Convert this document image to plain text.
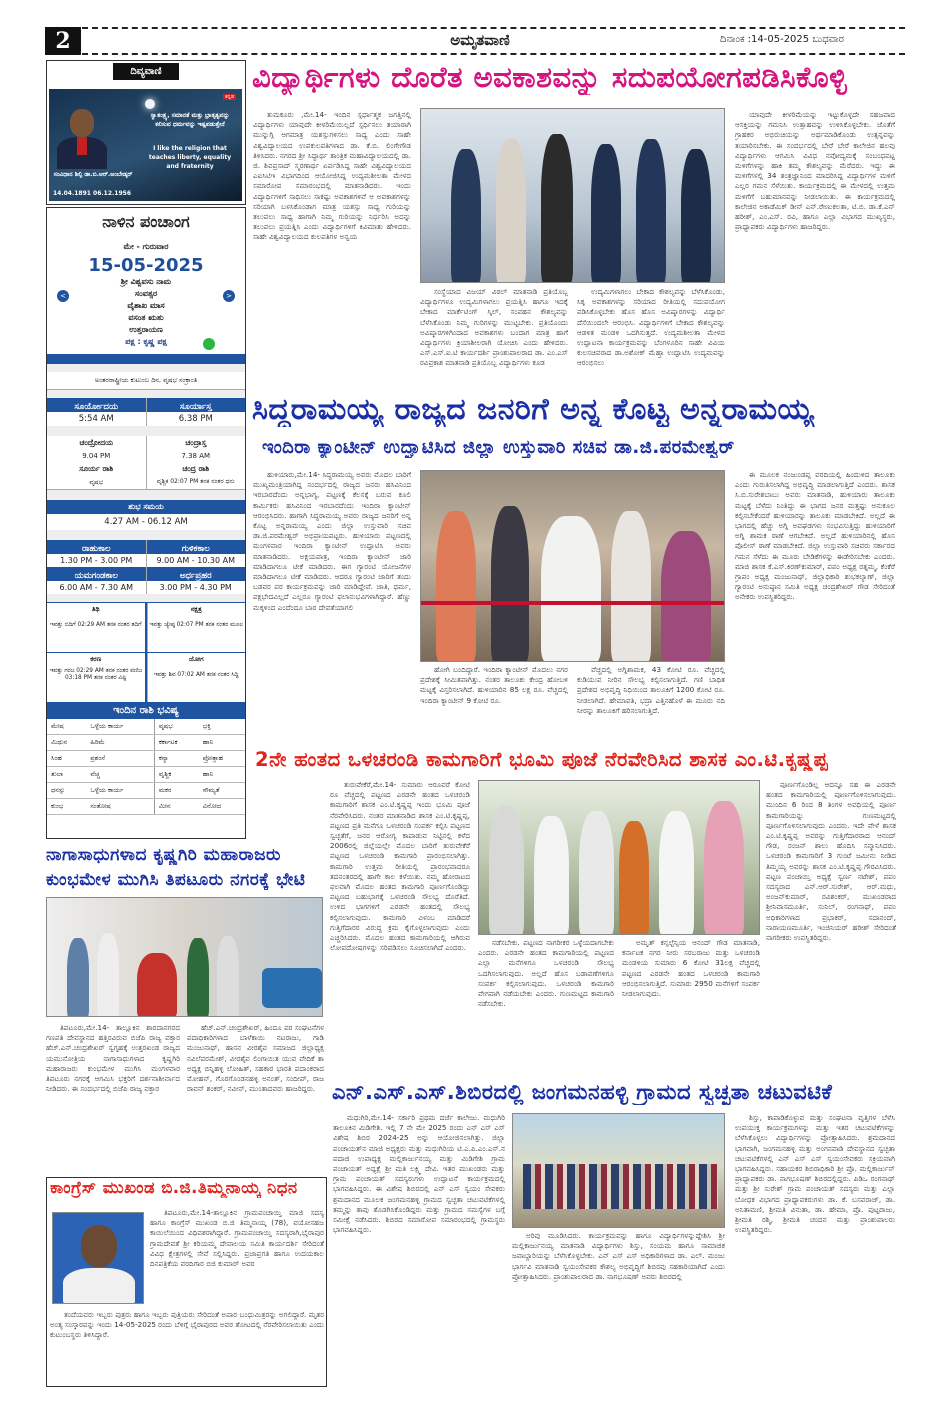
2	ಅಮೃತವಾಣಿ	ದಿನಾಂಕ :14-05-2025 ಬುಧವಾರ
ದಿವ್ಯವಾಣಿ
ಕನ್ನಡ
ಸ್ವಾತಂತ್ರ್ಯ, ಸಮಾನತೆ ಮತ್ತು ಭ್ರಾತೃತ್ವವನ್ನು ಕಲಿಸುವ ಧರ್ಮವನ್ನು ಇಷ್ಟಪಡುತ್ತೇನೆ
I like the religion that teaches liberty, equality and fraternity
ಸಂವಿಧಾನ ಶಿಲ್ಪಿ ಡಾ.ಬಿ.ಆರ್.ಅಂಬೇಡ್ಕರ್
14.04.1891 06.12.1956
ನಾಳಿನ ಪಂಚಾಂಗ
ಮೇ - ಗುರುವಾರ
15-05-2025
<	>
ಶ್ರೀ ವಿಶ್ವವಸು ನಾಮ
ಸಂವತ್ಸರ
ವೈಶಾಖ ಮಾಸ
ವಸಂತ ಋತು
ಉತ್ತರಾಯಣ
ಪಕ್ಷ : ಕೃಷ್ಣ ಪಕ್ಷ
ಅಂತರರಾಷ್ಟ್ರೀಯ ಕುಟುಂಬ ದಿನ, ವೃಷಭ ಸಂಕ್ರಾಂತಿ
ಸೂರ್ಯೋದಯ	ಸೂರ್ಯಾಸ್ತ
5:54 AM	6.38 PM
ಚಂದ್ರೋದಯ	ಚಂದ್ರಾಸ್ತ
9.04 PM	7.38 AM
ಸೂರ್ಯ ರಾಶಿ	ಚಂದ್ರ ರಾಶಿ
ವೃಷಭ	ವೃಶ್ಚಿಕ 02:07 PM ತನಕ ನಂತರ ಧನು
ಶುಭ ಸಮಯ
4.27 AM - 06.12 AM
ರಾಹುಕಾಲ	ಗುಳಿಕಕಾಲ
1.30 PM - 3.00 PM	9.00 AM - 10.30 AM
ಯಮಗಂಡಕಾಲ	ಅರ್ಧಪ್ರಹರ
6.00 AM - 7.30 AM	3.00 PM - 4.30 PM
ತಿಥಿ
ಇವತ್ತು ಬಿದಿಗೆ 02:29 AM ತನಕ ನಂತರ ತದಿಗೆ
ನಕ್ಷತ್ರ
ಇವತ್ತು ಜ್ಯೇಷ್ಠ 02:07 PM ತನಕ ನಂತರ ಮೂಲ
ಕರಣ
ಇವತ್ತು ಗರಜ 02:29 AM ತನಕ ನಂತರ ವಣಿಜ 03:18 PM ತನಕ ನಂತರ ವಿಷ್ಟಿ
ಯೋಗ
ಇವತ್ತು ಶಿವ 07:02 AM ತನಕ ನಂತರ ಸಿದ್ಧಿ
ಇಂದಿನ ರಾಶಿ ಭವಿಷ್ಯ
ಮೇಷ	ಒಳ್ಳೆಯ ಕಾರ್ಯ	ವೃಷಭ	ಭಕ್ತಿ
ಮಿಥುನ	ಹಿರಿಮೆ	ಕರ್ಕಾಟಕ	ಹಾನಿ
ಸಿಂಹ	ಪ್ರಶಂಸೆ	ಕನ್ಯಾ	ಪ್ರೋತ್ಸಾಹ
ತುಲಾ	ವೆಚ್ಚ	ವೃಶ್ಚಿಕ	ಹಾನಿ
ಧನಸ್ಸು	ಒಳ್ಳೆಯ ಕಾರ್ಯ	ಮಕರ	ಸೌಮ್ಯತೆ
ಕುಂಭ	ಸಂತೋಷ	ಮೀನ	ವಿನೋದ
ವಿದ್ಯಾರ್ಥಿಗಳು ದೊರೆತ ಅವಕಾಶವನ್ನು ಸದುಪಯೋಗಪಡಿಸಿಕೊಳ್ಳಿ
ತುಮಕೂರು ,ಮೇ.14- ಇಂದಿನ ಸ್ಪರ್ಧಾತ್ಮಕ ಜಗತ್ತಿನಲ್ಲಿ ವಿದ್ಯಾರ್ಥಿಗಳು ಯಾವುದೇ ಕೀಳರಿಮೆಯಿಲ್ಲದೆ ಸ್ಪರ್ಧಿಸಲು ತಯಾರಾಗಿ ಮುನ್ನುಗ್ಗಿ ಆಗಮಾತ್ರ ಯಶಸ್ಸುಗಳಿಸಲು ಸಾಧ್ಯ ಎಂದು ಸಾಹೇ ವಿಶ್ವವಿದ್ಯಾಲಯದ ಉಪಕುಲಪತಿಗಳಾದ ಡಾ. ಕೆ.ಬಿ. ಲಿಂಗೇಗೌಡ ತಿಳಿಸಿದರು. ನಗರದ ಶ್ರೀ ಸಿದ್ಧಾರ್ಥ ತಾಂತ್ರಿಕ ಮಹಾವಿದ್ಯಾಲಯದಲ್ಲಿ ಡಾ. ಜಿ. ಶಿವಪ್ರಸಾದ್ ಸ್ಮರಣಾರ್ಥ ಏರ್ಪಡಿಸಿದ್ದ ಸಾಹೇ ವಿಶ್ವವಿದ್ಯಾಲಯದ ಎಐಸಿಟಿಇ ವಿಭಾಗದಿಂದ ಆಯೋಜಿಸಿದ್ದ ಉದ್ಯಮಶೀಲತಾ ಮೇಳದ ಸಮಾರೋಪ ಸಮಾರಂಭದಲ್ಲಿ ಮಾತನಾಡಿದರು. ಇಂದು ವಿದ್ಯಾರ್ಥಿಗಳಿಗೆ ಸಾಧಿಸಲು ಸಾಕಷ್ಟು ಅವಕಾಶಗಳಿವೆ ಆ ಅವಕಾಶಗಳನ್ನು ಸರಿಯಾಗಿ ಬಳಸಿಕೊಂಡಾಗ ಮಾತ್ರ ಯಶಸ್ಸು ಸಾಧ್ಯ ಗುರಿಯನ್ನು ತಲುಪಲು ಸಾಧ್ಯ ಹಾಗಾಗಿ ನಿಮ್ಮ ಗುರಿಯನ್ನು ನಿರ್ಧರಿಸಿ ಅದನ್ನು ತಲುಪಲು ಪ್ರಯತ್ನಿಸಿ ಎಂದು ವಿದ್ಯಾರ್ಥಿಗಳಿಗೆ ಕಿವಿಮಾತು ಹೇಳಿದರು. ಸಾಹೇ ವಿಶ್ವವಿದ್ಯಾಲಯದ ಕುಲಪತಿಗಳ ಅನ್ವಯ
ಸಂಸ್ಥೆಯಾದ ವಿಜಯ್ ವಿಠಲ್ ಮಾತನಾಡಿ ಪ್ರತಿಯೊಬ್ಬ ವಿದ್ಯಾರ್ಥಿಗಳೂ ಉದ್ಯಮಿಗಳಾಗಲು ಪ್ರಯತ್ನಿಸಿ ಹಾಗೂ ಇದಕ್ಕೆ ಬೇಕಾದ ಮಾರ್ಕೆಟಿಂಗ್ ಸ್ಕಿಲ್, ಸಂವಹನ ಕೌಶಲ್ಯವನ್ನು ಬೆಳೆಸಿಕೊಂಡು ನಿಮ್ಮ ಗುರಿಗಳನ್ನು ಮುಟ್ಟಬೇಕು. ಪ್ರತಿಯೊಂದು ಅವಿಷ್ಕಾರಗಳಿಗಿಂದಾದ ಅವಕಾಶಗಳು ಬಂದಾಗ ಮಾತ್ರ ಹಾಗೆ ವಿದ್ಯಾರ್ಥಿಗಳು ಕ್ರಿಯಾಶೀಲರಾಗಿ ಯೋಚಿಸಿ ಎಂದು ಹೇಳಿದರು. ಎಸ್.ಎಸ್.ಐ.ಟಿ ಕಾರ್ಯದರ್ಶಿ ಪ್ರಾಂಶುಪಾಲರಾದ ಡಾ. ಎಂ.ಎಸ್ ರವಿಪ್ರಕಾಶ ಮಾತನಾಡಿ ಪ್ರತಿಯೊಬ್ಬ ವಿದ್ಯಾರ್ಥಿಗಳು ಕೂಡ
ಉದ್ಯಮಿಗಳಾಗಲು ಬೇಕಾದ ಕೌಶಲ್ಯವನ್ನು ಬೆಳೆಸಿಕೊಂಡು, ಸಿಕ್ಕ ಅವಕಾಶಗಳನ್ನು ಸರಿಯಾದ ರೀತಿಯಲ್ಲಿ ಸದುಪಯೋಗ ಪಡಿಸಿಕೊಳ್ಳಬೇಕು ಹೊಸ ಹೊಸ ಅವಿಷ್ಕಾರಗಳನ್ನು ವಿದ್ಯಾರ್ಥಿ ದೆಸೆಯಿಂದಲೇ ಆರಂಭಿಸಿ. ವಿದ್ಯಾರ್ಥಿಗಳಿಗೆ ಬೇಕಾದ ಕೌಶಲ್ಯವನ್ನು ಆಡಳಿತ ಮಂಡಳಿ ಒದಗಿಸುತ್ತದೆ. ಉದ್ಯಮಶೀಲತಾ ಮೇಳದ ಉದ್ಘಾಟನಾ ಕಾರ್ಯಕ್ರಮವನ್ನು ಬೆಂಗಳೂರಿನ ಸಾಹೇ ವಿವಿಯ ಕುಲಸಚಿವರಾದ ಡಾ.ಅಶೋಕ್ ಮೆಹ್ತಾ ಉದ್ಘಾಟಿಸಿ ಉದ್ಯಮವನ್ನು ಆರಂಭಿಸಲು
ಯಾವುದೇ ಕೀಳರಿಮೆಯನ್ನು ಇಟ್ಟುಕೊಳ್ಳದೇ ಸಹಜವಾದ ಆಸಕ್ತಿಯನ್ನು ಗಮನಿಸಿ ಉತ್ಸಾಹವನ್ನು ಉಳಿಸಿಕೊಳ್ಳಬೇಕು. ಜೊತೆಗೆ ಗ್ರಾಹಕರ ಅಭಿರುಚಿಯನ್ನು ಅರ್ಥಮಾಡಿಕೊಂಡು ಉತ್ಪನ್ನವನ್ನು ತಯಾರಿಸಬೇಕು. ಈ ಸಂದರ್ಭದಲ್ಲಿ ಬೇರೆ ಬೇರೆ ಕಾಲೇಜಿನ ಹಲವು ವಿದ್ಯಾರ್ಥಿಗಳು ಆಗಮಿಸಿ ವಿವಿಧ ನವೋದ್ಯಮಕ್ಕೆ ಸಂಬಂಧಪಟ್ಟ ಮಳಿಗೆಗಳನ್ನು ಹಾಕಿ ತಮ್ಮ ಕೌಶಲ್ಯವನ್ನು ಮೆರೆದರು. ಇದ್ದು ಈ ಮಳಿಗೆಗಳಲ್ಲಿ 34 ತಂತ್ರಜ್ಞಾನಿಂದ ಮಾದರಿಸಿದ್ದ ವಿದ್ಯಾರ್ಥಿಗಳ ಮಳಿಗೆ ಎಲ್ಲರ ಗಮನ ಸೆಳೆಯಿತು. ಕಾರ್ಯಕ್ರಮದಲ್ಲಿ ಈ ಮೇಳದಲ್ಲಿ ಉತ್ತಮ ಮಳಿಗೆಗೆ ಬಹುಮಾನವನ್ನು ನೀಡಲಾಯಿತು. ಈ ಕಾರ್ಯಕ್ರಮದಲ್ಲಿ ಕಾಲೇಜಿನ ಅಕಾಡೆಮಿಕ್ ಡೀನ್ ಎನ್.ರೇಣುಕಲತಾ, ಟಿ.ಬಿ. ಡಾ.ಕೆ.ಎನ್ ಹರೀಶ್, ಎಂ.ಎಸ್. ರವಿ, ಹಾಗೂ ಎಲ್ಲಾ ವಿಭಾಗದ ಮುಖ್ಯಸ್ಥರು, ಪ್ರಾಧ್ಯಾಪಕರು ವಿದ್ಯಾರ್ಥಿಗಳು ಹಾಜರಿದ್ದರು.
ಸಿದ್ಧರಾಮಯ್ಯ ರಾಜ್ಯದ ಜನರಿಗೆ ಅನ್ನ ಕೊಟ್ಟ ಅನ್ನರಾಮಯ್ಯ
ಇಂದಿರಾ ಕ್ಯಾಂಟೀನ್ ಉದ್ಘಾಟಿಸಿದ ಜಿಲ್ಲಾ ಉಸ್ತುವಾರಿ ಸಚಿವ ಡಾ.ಜಿ.ಪರಮೇಶ್ವರ್
ಹುಳಿಯಾರು,ಮೇ.14- ಸಿದ್ಧರಾಮಯ್ಯ ಅವರು ಮೊದಲ ಬಾರಿಗೆ ಮುಖ್ಯಮಂತ್ರಿಯಾಗಿದ್ದ ಸಂದರ್ಭದಲ್ಲಿ ರಾಜ್ಯದ ಜನರು ಹಸಿವಿನಿಂದ ಇರಬಾರದೆಂದು ಅನ್ನಭಾಗ್ಯ, ಪಟ್ಟಣಕ್ಕೆ ಕೆಲಸಕ್ಕೆ ಬರುವ ಕೂಲಿ ಕಾರ್ಮಿಕರು ಹಸಿವಿನಿಂದ ಇರಬಾರದೆಂದು ಇಂದಿರಾ ಕ್ಯಾಂಟೀನ್ ಆರಂಭಿಸಿದರು. ಹಾಗಾಗಿ ಸಿದ್ಧರಾಮಯ್ಯ ಅವರು ರಾಜ್ಯದ ಜನರಿಗೆ ಅನ್ನ ಕೊಟ್ಟ ಅನ್ನರಾಮಯ್ಯ ಎಂದು ಜಿಲ್ಲಾ ಉಸ್ತುವಾರಿ ಸಚಿವ ಡಾ.ಜಿ.ಪರಮೇಶ್ವರ್ ಅಭಿಪ್ರಾಯಪಟ್ಟರು. ಹುಳಿಯಾರು ಪಟ್ಟಣದಲ್ಲಿ ಮಂಗಳವಾರ ಇಂದಿರಾ ಕ್ಯಾಂಟೀನ್ ಉದ್ಘಾಟಿಸಿ ಅವರು ಮಾತನಾಡಿದರು. ಅಕ್ಷಯಪಾತ್ರ, ಇಂದಿರಾ ಕ್ಯಾಂಟೀನ್ ಜಾರಿ ಮಾಡಿದಾಗಲೂ ಟೀಕೆ ಮಾಡಿದರು. ಈಗ ಗ್ಯಾರಂಟಿ ಯೋಜನೆಗಳ ಮಾಡಿದಾಗಲೂ ಟೀಕೆ ಮಾಡಿದರು. ಆದರೂ ಗ್ಯಾರಂಟಿ ಜಾರಿಗೆ ತಂದು ಬಡವರ ಪರ ಕಾರ್ಯಕ್ರಮವನ್ನು ಜಾರಿ ಮಾಡಿದ್ದೇವೆ. ಜಾತಿ, ಧರ್ಮ, ಪಕ್ಷಭೇದವಿಲ್ಲದೆ ಎಲ್ಲರೂ ಗ್ಯಾರಂಟಿ ಫಲಾನುಭವಿಗಳಾಗಿದ್ದಾರೆ. ಹೆಣ್ಣು ಮಕ್ಕಳಿಂದ ಎಂದೆಂದೂ ಬಾರ ದೇವತೆಯಾಗಲಿ
ಹೋಗಿ ಬಂದಿದ್ದಾರೆ. ಇಂದಿರಾ ಕ್ಯಾಂಟೀನ್ ಮೊದಲು ನಗರ ಪ್ರದೇಶಕ್ಕೆ ಸೀಮಿತವಾಗಿತ್ತು. ನಂತರ ತಾಲೂಕು ಕೇಂದ್ರ ಹೋಬಳಿ ಮಟ್ಟಕ್ಕೆ ವಿಸ್ತರಿಸಲಾಗಿದೆ. ಹುಳಿಯಾರಿನ 85 ಲಕ್ಷ ರೂ. ವೆಚ್ಚದಲ್ಲಿ ಇಂದಿರಾ ಕ್ಯಾಂಟೀನ್ 9 ಕೋಟಿ ರೂ.
ವೆಚ್ಚದಲ್ಲಿ ಅಗ್ನಿಶಾಮಕ, 43 ಕೋಟಿ ರೂ. ವೆಚ್ಚದಲ್ಲಿ ಕುಡಿಯುವ ನೀರಿನ ಸೌಲಭ್ಯ ಕಲ್ಪಿಸಲಾಗುತ್ತಿದೆ. ಗಣಿ ಬಾಧಿತ ಪ್ರದೇಶದ ಅಭಿವೃದ್ಧಿ ನಿಧಿಯಿಂದ ತಾಲೂಕಿಗೆ 1200 ಕೋಟಿ ರೂ. ನೀಡಲಾಗಿದೆ. ಹೇಮಾವತಿ, ಭದ್ರಾ ಎತ್ತಿನಹೊಳೆ ಈ ಮೂರು ನದಿ ನೀರನ್ನು ತಾಲೂಕಿಗೆ ಹರಿಸಲಾಗುತ್ತಿದೆ.
ಈ ಮೂಲಕ ನಂಜುಂಡಪ್ಪ ವರದಿಯಲ್ಲಿ ಹಿಂದುಳಿದ ತಾಲೂಕು ಎಂದು ಗುರುತಿಸಲಾಗಿದ್ದ ಅಭಿವೃದ್ಧಿ ಮಾಡಲಾಗುತ್ತಿದೆ ಎಂದರು. ಶಾಸಕ ಸಿ.ಬಿ.ಸುರೇಶಬಾಬು ಅವರು ಮಾತನಾಡಿ, ಹುಳಿಯಾರು ತಾಲೂಕು ಮಟ್ಟಕ್ಕೆ ಬೆಳೆದು ನಿಂತಿದ್ದು ಈ ಭಾಗದ ಜನರ ಮತ್ತಷ್ಟು ಅನುಕೂಲ ಕಲ್ಪಿಸಬೇಕೆಂದರೆ ಹುಳಿಯಾರನ್ನು ತಾಲೂಕು ಮಾಡಬೇಕಿದೆ. ಅಲ್ಲದೆ ಈ ಭಾಗದಲ್ಲಿ ಹೆಚ್ಚು ಅಗ್ನಿ ಅವಘಡಗಳು ಸಂಭವಿಸುತ್ತಿದ್ದು ಹುಳಿಯಾರಿಗೆ ಅಗ್ನಿ ಶಾಮಕ ಠಾಣೆ ಆಗಬೇಕಿದೆ. ಅಲ್ಲದೆ ಹುಳಿಯಾರಿನಲ್ಲಿ ಹೊಸ ಪೊಲೀಸ್ ಠಾಣೆ ಮಾಡಬೇಕಿದೆ. ಜಿಲ್ಲಾ ಉಸ್ತುವಾರಿ ಸಚಿವರು ಸರ್ಕಾರದ ಗಮನ ಸೆಳೆದು ಈ ಮೂರು ಬೇಡಿಕೆಗಳನ್ನು ಈಡೇರಿಸಬೇಕು ಎಂದರು. ಮಾಜಿ ಶಾಸಕ ಕೆ.ಎಸ್.ಕಿರಣ್‌ಕುಮಾರ್, ಪಪಂ ಅಧ್ಯಕ್ಷ ರತ್ನಮ್ಮ, ಕೆಂಕೆರೆ ಗ್ರಾಪಂ ಅಧ್ಯಕ್ಷ ಮಂಜುನಾಥ್, ಜಿಲ್ಲಾಧಿಕಾರಿ ಶುಭಕಲ್ಯಾಣ್, ಜಿಲ್ಲಾ ಗ್ಯಾರಂಟಿ ಅನುಷ್ಠಾನ ಸಮಿತಿ ಅಧ್ಯಕ್ಷ ಚಂದ್ರಶೇಖರ್ ಗೌಡ ಸೇರಿದಂತೆ ಅನೇಕರು ಉಪಸ್ಥಿತರಿದ್ದರು.
2ನೇ ಹಂತದ ಒಳಚರಂಡಿ ಕಾಮಗಾರಿಗೆ ಭೂಮಿ ಪೂಜೆ ನೆರವೇರಿಸಿದ ಶಾಸಕ ಎಂ.ಟಿ.ಕೃಷ್ಣಪ್ಪ
ತುರುವೇಕೆರೆ,ಮೇ.14- ಸುಮಾರು ಆರೂವರೆ ಕೋಟಿ ರೂ ವೆಚ್ಚದಲ್ಲಿ ಪಟ್ಟಣದ ಎರಡನೇ ಹಂತದ ಒಳಚರಂಡಿ ಕಾಮಗಾರಿಗೆ ಶಾಸಕ ಎಂ.ಟಿ.ಕೃಷ್ಣಪ್ಪ ಇಂದು ಭೂಮಿ ಪೂಜೆ ನೆರವೇರಿಸಿದರು. ನಂತರ ಮಾತನಾಡಿದ ಶಾಸಕ ಎಂ.ಟಿ.ಕೃಷ್ಣಪ್ಪ, ಪಟ್ಟಣದ ಪ್ರತಿ ಮನೆಗೂ ಒಳಚರಂಡಿ ಸಂಪರ್ಕ ಕಲ್ಪಿಸಿ ಪಟ್ಟಣದ ಸ್ವಚ್ಛತೆಗೆ, ಜನರ ಆರೋಗ್ಯ ಕಾಪಾಡುವ ನಿಟ್ಟಿನಲ್ಲಿ ಕಳೆದ 2006ರಲ್ಲಿ ಜಿಲ್ಲೆಯಲ್ಲೇ ಮೊದಲ ಬಾರಿಗೆ ತುರುವೇಕೆರೆ ಪಟ್ಟಣದ ಒಳಚರಂಡಿ ಕಾಮಗಾರಿ ಪ್ರಾರಂಭಿಸಲಾಗಿತ್ತು. ಕಾಮಗಾರಿ ಉತ್ತಮ ರೀತಿಯಲ್ಲಿ ಪ್ರಾರಂಭವಾದರೂ ತದನಂತರದಲ್ಲಿ ಹಾಗೇ ಕಾಲ ಕಳೆಯಿತು. ನಮ್ಮ ಹೋರಾಟದ ಫಲವಾಗಿ ಮೊದಲ ಹಂತದ ಕಾಮಗಾರಿ ಪೂರ್ಣಗೊಂಡಿದ್ದು ಪಟ್ಟಣದ ಬಹುಭಾಗಕ್ಕೆ ಒಳಚರಂಡಿ ಸೌಲಭ್ಯ ದೊರೆತಿದೆ. ಉಳಿದ ಭಾಗಗಳಿಗೆ ಎರಡನೇ ಹಂತದಲ್ಲಿ ಸೌಲಭ್ಯ ಕಲ್ಪಿಸಲಾಗುವುದು. ಕಾಮಗಾರಿ ವಿಳಂಬ ಮಾಡಿದರೆ ಗುತ್ತಿಗೆದಾರರ ವಿರುದ್ಧ ಕ್ರಮ ಕೈಗೊಳ್ಳಲಾಗುವುದು ಎಂದು ಎಚ್ಚರಿಸಿದರು. ಮೊದಲ ಹಂತದ ಕಾಮಗಾರಿಯಲ್ಲಿ ಆಗಿರುವ ಲೋಪದೋಷಗಳನ್ನು ಸರಿಪಡಿಸಲು ಸೂಚಿಸಲಾಗಿದೆ ಎಂದರು.
ನಡೆಸಬೇಕು. ಪಟ್ಟಣದ ನಾಗರೀಕರ ಒಳ್ಳೆಯದಾಗಬೇಕು ಎಂದರು. ಎರಡನೇ ಹಂತದ ಕಾಮಗಾರಿಯಲ್ಲಿ ಪಟ್ಟಣದ ಎಲ್ಲಾ ಮನೆಗಳಿಗೂ ಒಳಚರಂಡಿ ಸೌಲಭ್ಯ ಒದಗಿಸಲಾಗುವುದು. ಅಲ್ಲದೆ ಹೊಸ ಬಡಾವಣೆಗಳಿಗೂ ಸಂಪರ್ಕ ಕಲ್ಪಿಸಲಾಗುವುದು. ಒಳಚರಂಡಿ ಕಾಮಗಾರಿ ವೇಗವಾಗಿ ನಡೆಯಬೇಕು ಎಂದರು. ಗುಣಮಟ್ಟದ ಕಾಮಗಾರಿ ನಡೆಸಬೇಕು.
ಅಮೃತ್ ಕನ್ಸಲ್ಟೆನ್ಸಿಯ ಆನಂದ್ ಗೌಡ ಮಾತನಾಡಿ, ಕರ್ನಾಟಕ ನಗರ ನೀರು ಸರಬರಾಜು ಮತ್ತು ಒಳಚರಂಡಿ ಮಂಡಳಿಯ ಸುಮಾರು 6 ಕೋಟಿ 31ಲಕ್ಷ ವೆಚ್ಚದಲ್ಲಿ ಪಟ್ಟಣದ ಎರಡನೇ ಹಂತದ ಒಳಚರಂಡಿ ಕಾಮಗಾರಿ ಆರಂಭಿಸಲಾಗುತ್ತಿದೆ. ಸುಮಾರು 2950 ಮನೆಗಳಿಗೆ ಸಂಪರ್ಕ ನೀಡಲಾಗುವುದು.
ಪೂರ್ಣಗೊಂಡಿಲ್ಲ ಆದನ್ನೂ ಸಹ ಈ ಎರಡನೇ ಹಂತದ ಕಾಮಗಾರಿಯಲ್ಲಿ ಪೂರ್ಣಗೊಳಿಸಲಾಗುವುದು. ಮುಂದಿನ 6 ರಿಂದ 8 ತಿಂಗಳ ಅವಧಿಯಲ್ಲಿ ಪೂರ್ಣ ಕಾಮಗಾರಿಯನ್ನು ಗುಣಮಟ್ಟದಲ್ಲಿ ಪೂರ್ಣಗೊಳಿಸಲಾಗುವುದು ಎಂದರು. ಇದೇ ವೇಳೆ ಶಾಸಕ ಎಂ.ಟಿ.ಕೃಷ್ಣಪ್ಪ ಅವರನ್ನು ಗುತ್ತಿಗೆದಾರರಾದ ಆನಂದ್ ಗೌಡ, ರಂಜನ್ ಶಾಲು ಹೊದಿಸಿ ಸನ್ಮಾನಿಸಿದರು. ಒಳಚರಂಡಿ ಕಾಮಗಾರಿಗೆ 3 ಗುಂಟೆ ಜಮೀನು ನೀಡಿದ ತಿಮ್ಮಯ್ಯ ಅವರನ್ನು ಶಾಸಕ ಎಂ.ಟಿ.ಕೃಷ್ಣಪ್ಪ ಗೌರವಿಸಿದರು. ಪಟ್ಟಣ ಪಂಚಾಯ್ತಿ ಅಧ್ಯಕ್ಷೆ ಸ್ವರ್ಣ ನಟೇಶ್, ಪಪಂ ಸದಸ್ಯರಾದ ಎನ್.ಆರ್.ಸುರೇಶ್, ಆರ್.ಮಧು, ಅಂಜನ್‌ಕುಮಾರ್, ರವಿಶಂಕರ್, ಮುಖಂಡರಾದ ಶ್ರೀನಿವಾಸಮೂರ್ತಿ, ಸುನಿಲ್, ರಂಗನಾಥ್, ಪಪಂ ಅಧಿಕಾರಿಗಳಾದ ಪ್ರಭಾಕರ್, ಸದಾನಂದ್, ನಾರಾಯಣಮೂರ್ತಿ, ಇಂಜಿನಿಯರ್ ಹರೀಶ್ ಸೇರಿದಂತೆ ನಾಗರೀಕರು ಉಪಸ್ಥಿತರಿದ್ದರು.
ನಾಗಾಸಾಧುಗಳಾದ ಕೃಷ್ಣಗಿರಿ ಮಹಾರಾಜರು
ಕುಂಭಮೇಳ ಮುಗಿಸಿ ತಿಪಟೂರು ನಗರಕ್ಕೆ ಭೇಟಿ
ತಿಪಟೂರು,ಮೇ.14- ತಾಲ್ಲೂಕಿನ ಶಾರದಾನಗರದ ಗಣಪತಿ ದೇವಸ್ಥಾನದ ಹತ್ತಿರವಿರುವ ಬಿಜೆಪಿ ರಾಜ್ಯ ವಕ್ತಾರ ಹೆಚ್.ಎನ್.ಚಂದ್ರಶೇಖರ್ ಸ್ವಗೃಹಕ್ಕೆ ಉತ್ತರಖಂಡ ರಾಜ್ಯದ ಯಮುನೋತ್ರಿಯ ನಾಗಾಸಾಧುಗಳಾದ ಕೃಷ್ಣಗಿರಿ ಮಹಾರಾಜರು ಕುಂಭಮೇಳ ಮುಗಿಸಿ ಮಂಗಳವಾರ ತಿಪಟೂರು ನಗರಕ್ಕೆ ಆಗಮಿಸಿ ಭಕ್ತರಿಗೆ ದರ್ಶನಾಶೀರ್ವಾದ ನೀಡಿದರು. ಈ ಸಂದರ್ಭದಲ್ಲಿ ಬಿಜೆಪಿ ರಾಜ್ಯ ವಕ್ತಾರ
ಹೆಚ್.ಎನ್.ಚಂದ್ರಶೇಖರ್, ಹಿಂದೂ ಪರ ಸಂಘಟನೆಗಳ ಪದಾಧಿಕಾರಿಗಳಾದ ಬಾಳೆಕಾಯಿ ನಟರಾಜು, ಗಾಡಿ ಮಂಜುನಾಥ್, ಹಾಸನ ವೀರಶೈವ ಸಮಾಜದ ಜಿಲ್ಲಾಧ್ಯಕ್ಷ ನವಿಲೆಪರಮೇಶ್, ವೀರಶೈವ ಲಿಂಗಾಯಿತ ಯುವ ವೇದಿಕೆ ತಾ ಅಧ್ಯಕ್ಷ ಬಿನ್ನಿಹಳ್ಳಿ ಲೋಹಿತ್, ಸಹಕಾರ ಭಾರತಿ ಪದಾಂಕರಾದ ಮೋಹನ್, ಗೊರಗೊಂಡನಹಳ್ಳಿ ಅನಂತ್, ಸಂದೀಪ್, ರಾಜ ರಾವನ್ ಶಂಕರ್, ನವೀನ್, ಮುಂತಾದವರು ಹಾಜರಿದ್ದರು. ಎನ್.ಎಸ್.ಎಸ್.ಶಿಬಿರದಲ್ಲಿ ಜಂಗಮನಹಳ್ಳಿ ಗ್ರಾಮದ ಸ್ವಚ್ಛತಾ ಚಟುವಟಿಕೆ
ಮಧುಗಿರಿ,ಮೇ.14- ಸರ್ಕಾರಿ ಪ್ರಥಮ ದರ್ಜೆ ಕಾಲೇಜು. ಮಧುಗಿರಿ ತಾಲೂಕಿನ ಮಿಡಿಗೇಶಿ. ಇಲ್ಲಿ 7 ನೇ ಮೇ 2025 ರಂದು ಎನ್ ಎಸ್ ಎಸ್ ವಿಶೇಷ ಶಿಬಿರ 2024-25 ಅನ್ನು ಆಯೋಜಿಸಲಾಗಿತ್ತು. ಜಿಲ್ಲಾ ಪಂಚಾಯತ್‌ನ ಮಾಜಿ ಅಧ್ಯಕ್ಷರು ಮತ್ತು ಮಧುಗಿರಿಯ ಟಿ.ಎ.ಪಿ.ಎಂ.ಎಸ್.ನ ಪದಾಜಿ ಉಪಾಧ್ಯಕ್ಷ ಮಲ್ಲಿಕಾರ್ಜುನಯ್ಯ ಮತ್ತು ಮಿಡಿಗೇಶಿ ಗ್ರಾಮ ಪಂಚಾಯತ್ ಅಧ್ಯಕ್ಷೆ ಶ್ರೀ ಮತಿ ಲಕ್ಷ್ಮಿ ದೇವಿ. ಇತರ ಮುಖಂಡರು ಮತ್ತು ಗ್ರಾಮ ಪಂಚಾಯತ್ ಸದಸ್ಯರುಗಳು ಉದ್ಘಾಟನೆ ಕಾರ್ಯಕ್ರಮದಲ್ಲಿ ಭಾಗವಹಿಸಿದ್ದರು. ಈ ವಿಶೇಷ ಶಿಬಿರದಲ್ಲಿ ಎನ್ ಎಸ್ ಸ್ವಯಂ ಸೇವಕರು ಶ್ರಮದಾನದ ಮೂಲಕ ಜಂಗಮನಹಳ್ಳಿ ಗ್ರಾಮದ ಸ್ವಚ್ಛತಾ ಚಟುವಟಿಕೆಗಳಲ್ಲಿ ತಮ್ಮನ್ನು ತಾವು ತೊಡಗಿಸಿಕೊಂಡಿದ್ದರು ಮತ್ತು ಗ್ರಾಮದ ಸಮಸ್ಯೆಗಳ ಬಗ್ಗೆ ಸಮೀಕ್ಷೆ ನಡೆಸಿದರು. ಶಿಬಿರದ ಸಮಾರೋಪ ಸಮಾರಂಭದಲ್ಲಿ ಗ್ರಾಮಸ್ಥರು ಭಾಗವಹಿಸಿದ್ದರು.
ಅರಿವು ಮೂಡಿಸಿದರು. ಕಾರ್ಯಕ್ರಮವನ್ನು ಹಾಗೂ ವಿದ್ಯಾರ್ಥಿಗಳನ್ನುದ್ದೇಶಿಸಿ ಶ್ರೀ ಮಲ್ಲಿಕಾರ್ಜುನಯ್ಯ ಮಾತನಾಡಿ ವಿದ್ಯಾರ್ಥಿಗಳು ಶಿಸ್ತು, ಸಂಯಮ ಹಾಗೂ ಸಾಮಾಜಿಕ ಜವಾಬ್ದಾರಿಯನ್ನು ಬೆಳೆಸಿಕೊಳ್ಳಬೇಕು. ಎನ್ ಎಸ್ ಎಸ್ ಅಧಿಕಾರಿಗಳಾದ ಡಾ. ಎಲ್. ಮಂಜು ಭಾರ್ಗವಿ ಮಾತನಾಡಿ ಸ್ವಯಂಸೇವಕರ ಕೌಶಲ್ಯ ಅಭಿವೃದ್ಧಿಗೆ ಶಿಬಿರವು ಸಹಕಾರಿಯಾಗಿದೆ ಎಂದು ಪ್ರೋತ್ಸಾಹಿಸಿದರು. ಪ್ರಾಂಶುಪಾಲರಾದ ಡಾ. ನಾಗಭೂಷಣ್ ಅವರು ಶಿಬಿರದಲ್ಲಿ
ಶಿಸ್ತು, ಕಾಪಾಡಿಕೊಳ್ಳುವ ಮತ್ತು ಸಂಘಟನಾ ವೃತ್ತಿಗಳ ಬೆಳೆಸಿ ಉಪಯುಕ್ತ ಕಾರ್ಯಕ್ರಮಗಳನ್ನು ಮತ್ತು ಇತರ ಚಟುವಟಿಕೆಗಳನ್ನು ಬೆಳೆಸಿಕೊಳ್ಳಲು ವಿದ್ಯಾರ್ಥಿಗಳನ್ನು ಪ್ರೋತ್ಸಾಹಿಸಿದರು. ಶ್ರಮದಾನದ ಭಾಗವಾಗಿ, ಜಂಗಮನಹಳ್ಳಿ ಮತ್ತು ಅಂಗನವಾಡಿ ದೇವಸ್ಥಾನದ ಸ್ವಚ್ಛತಾ ಚಟುವಟಿಕೆಗಳಲ್ಲಿ ಎನ್ ಎಸ್ ಎಸ್ ಸ್ವಯಂಸೇವಕರು ಸಕ್ರಿಯವಾಗಿ ಭಾಗವಹಿಸಿದ್ದರು. ಸಹಾಯಕರ ಶಿಬಿರಾಧಿಕಾರಿ ಶ್ರೀ ಪ್ರೊ. ಮಲ್ಲಿಕಾರ್ಜುನ್ ಪ್ರಾಧ್ಯಾಪಕರು ಡಾ. ನಾಗಭೂಷಣ್ ಶಿಬಿರದಲ್ಲಿದ್ದರು. ಪಿಡಿಒ ರಂಗನಾಥ್ ಮತ್ತು ಶ್ರೀ ಸುರೇಶ್ ಗ್ರಾಮ ಪಂಚಾಯತ್ ಸದಸ್ಯರು ಮತ್ತು ಎಲ್ಲಾ ಬೋಧಕ ವಿಭಾಗದ ಪ್ರಾಧ್ಯಾಪಕರುಗಳು ಡಾ. ಕೆ. ಬಸವರಾಜ್, ಡಾ. ಅನಿತಾಮಣಿ, ಶ್ರೀಮತಿ ವಿನುತಾ, ಡಾ. ಹೇಮಾ, ಪ್ರೊ. ಪುಟ್ಟರಾಜು, ಶ್ರೀಮತಿ ರಶ್ಮಿ, ಶ್ರೀಮತಿ ಚಂದನ ಮತ್ತು ಪ್ರಾಂಶುಪಾಲರು ಉಪಸ್ಥಿತರಿದ್ದರು.
ಕಾಂಗ್ರೆಸ್ ಮುಖಂಡ ಬಿ.ಜಿ.ತಿಮ್ಮನಾಯ್ಕ ನಿಧನ
ತಿಪಟೂರು,ಮೇ.14-ತಾಲ್ಲೂಕಿನ ಗ್ರಾಮಪಂಚಾಯ್ತಿ ಮಾಜಿ ಸದಸ್ಯ ಹಾಗೂ ಕಾಂಗ್ರೆಸ್ ಮುಖಂಡ ಬಿ.ಜಿ ತಿಮ್ಮನಾಯ್ಕ (78), ವಯೋಸಹಜ ಕಾಯಿಲೆಯಿಂದ ವಿಧಿವಶರಾಗಿದ್ದಾರೆ. ಗ್ರಾಮಪಂಚಾಯ್ತಿ ಸದಸ್ಯರಾಗಿ,ಭೈರಾಪುರ ಗ್ರಾಮದೇವತೆ ಶ್ರೀ ಕರಿಯಮ್ಮ ದೇವಾಲಯ ಸಮಿತಿ ಕಾರ್ಯದರ್ಶಿ ಸೇರಿದಂತೆ ವಿವಿಧ ಕ್ಷೇತ್ರಗಳಲ್ಲಿ ಸೇವೆ ಸಲ್ಲಿಸಿದ್ದರು. ಪ್ರಜಾಪ್ರಗತಿ ಹಾಗೂ ಉದಯಕಾಲ ದಿನಪತ್ರಿಕೆಯ ವರದಿಗಾರ ಬಿಜಿ ಕುಮಾರ್ ಅವರ
ತಂದೆಯವರು ಇಬ್ಬರು ಪುತ್ರರು ಹಾಗೂ ಇಬ್ಬರು ಪುತ್ರಿಯರು ಸೇರಿದಂತೆ ಅಪಾರ ಬಂಧುಮಿತ್ರರನ್ನು ಅಗಲಿದ್ದಾರೆ. ಮೃತರ ಅಂತ್ಯ ಸಂಸ್ಕಾರವನ್ನು ಇಂದು 14-05-2025 ರಂದು ಬೆಳಿಗ್ಗೆ ಭೈರಾಪುರದ ಅವರ ತೋಟದಲ್ಲಿ ನೆರವೇರಿಸಲಾಯಿತು ಎಂದು ಕುಟುಂಬಸ್ಥರು ತಿಳಿಸಿದ್ದಾರೆ.
